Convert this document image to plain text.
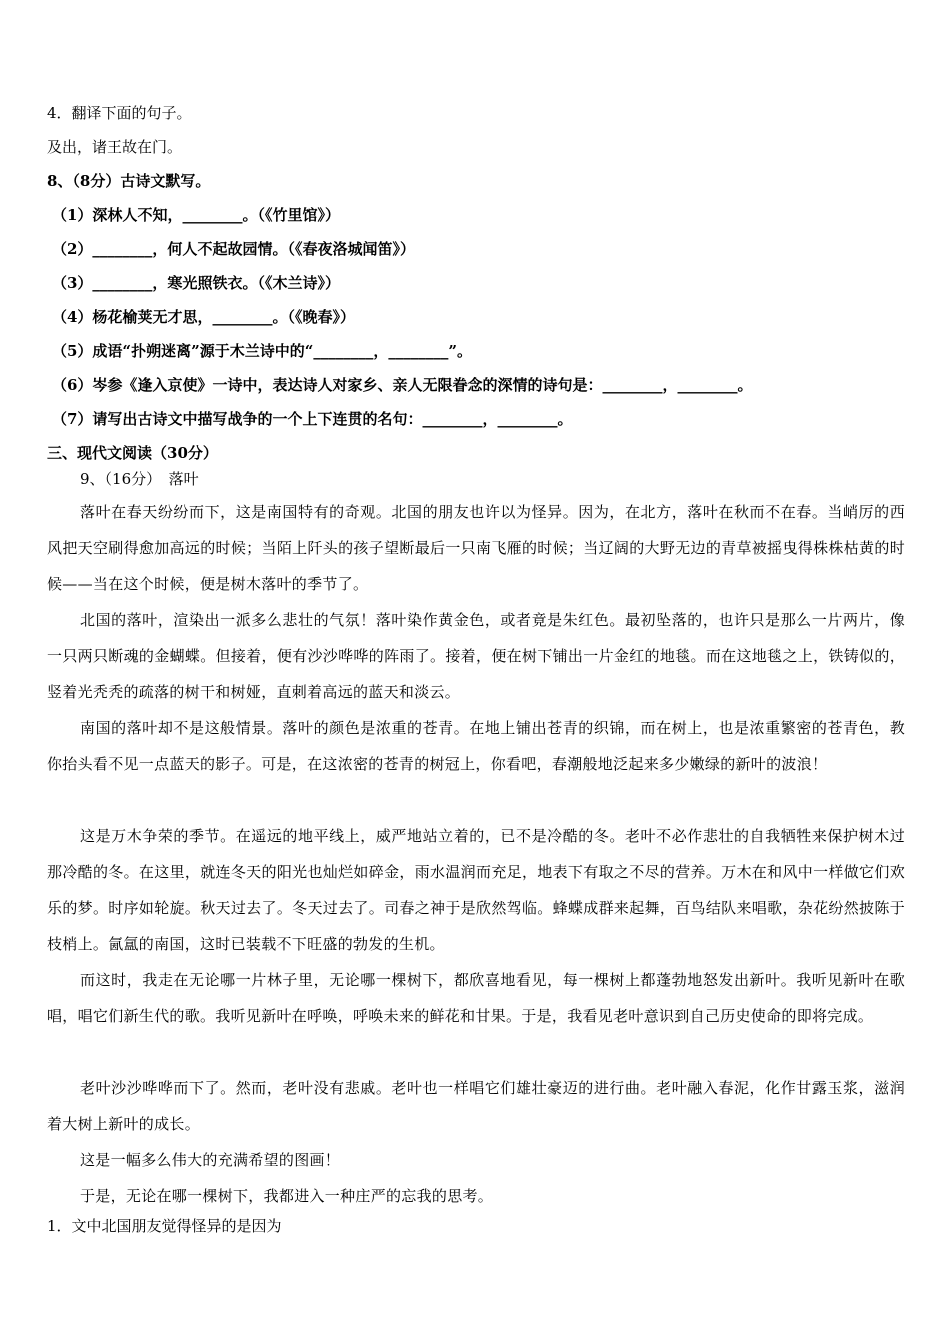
4．翻译下面的句子。
及出，诸王故在门。
8、（8分）古诗文默写。
（1）深林人不知，________。（《竹里馆》）
（2）________，何人不起故园情。（《春夜洛城闻笛》）
（3）________，寒光照铁衣。（《木兰诗》）
（4）杨花榆荚无才思，________。（《晚春》）
（5）成语“扑朔迷离”源于木兰诗中的“________，________”。
（6）岑参《逢入京使》一诗中，表达诗人对家乡、亲人无限眷念的深情的诗句是：________，________。
（7）请写出古诗文中描写战争的一个上下连贯的名句：________，________。
三、现代文阅读（30分）
9、（16分）　落叶
落叶在春天纷纷而下，这是南国特有的奇观。北国的朋友也许以为怪异。因为，在北方，落叶在秋而不在春。当峭厉的西风把天空刷得愈加高远的时候；当陌上阡头的孩子望断最后一只南飞雁的时候；当辽阔的大野无边的青草被摇曳得株株枯黄的时候——当在这个时候，便是树木落叶的季节了。
北国的落叶，渲染出一派多么悲壮的气氛！落叶染作黄金色，或者竟是朱红色。最初坠落的，也许只是那么一片两片，像一只两只断魂的金蝴蝶。但接着，便有沙沙哗哗的阵雨了。接着，便在树下铺出一片金红的地毯。而在这地毯之上，铁铸似的，竖着光秃秃的疏落的树干和树娅，直刺着高远的蓝天和淡云。
南国的落叶却不是这般情景。落叶的颜色是浓重的苍青。在地上铺出苍青的织锦，而在树上，也是浓重繁密的苍青色，教你抬头看不见一点蓝天的影子。可是，在这浓密的苍青的树冠上，你看吧，春潮般地泛起来多少嫩绿的新叶的波浪！
这是万木争荣的季节。在遥远的地平线上，威严地站立着的，已不是冷酷的冬。老叶不必作悲壮的自我牺牲来保护树木过那冷酷的冬。在这里，就连冬天的阳光也灿烂如碎金，雨水温润而充足，地表下有取之不尽的营养。万木在和风中一样做它们欢乐的梦。时序如轮旋。秋天过去了。冬天过去了。司春之神于是欣然驾临。蜂蝶成群来起舞，百鸟结队来唱歌，杂花纷然披陈于枝梢上。氤氲的南国，这时已装载不下旺盛的勃发的生机。
而这时，我走在无论哪一片林子里，无论哪一棵树下，都欣喜地看见，每一棵树上都蓬勃地怒发出新叶。我听见新叶在歌唱，唱它们新生代的歌。我听见新叶在呼唤，呼唤未来的鲜花和甘果。于是，我看见老叶意识到自己历史使命的即将完成。
老叶沙沙哗哗而下了。然而，老叶没有悲戚。老叶也一样唱它们雄壮豪迈的进行曲。老叶融入春泥，化作甘露玉浆，滋润着大树上新叶的成长。
这是一幅多么伟大的充满希望的图画！
于是，无论在哪一棵树下，我都进入一种庄严的忘我的思考。
1．文中北国朋友觉得怪异的是因为
